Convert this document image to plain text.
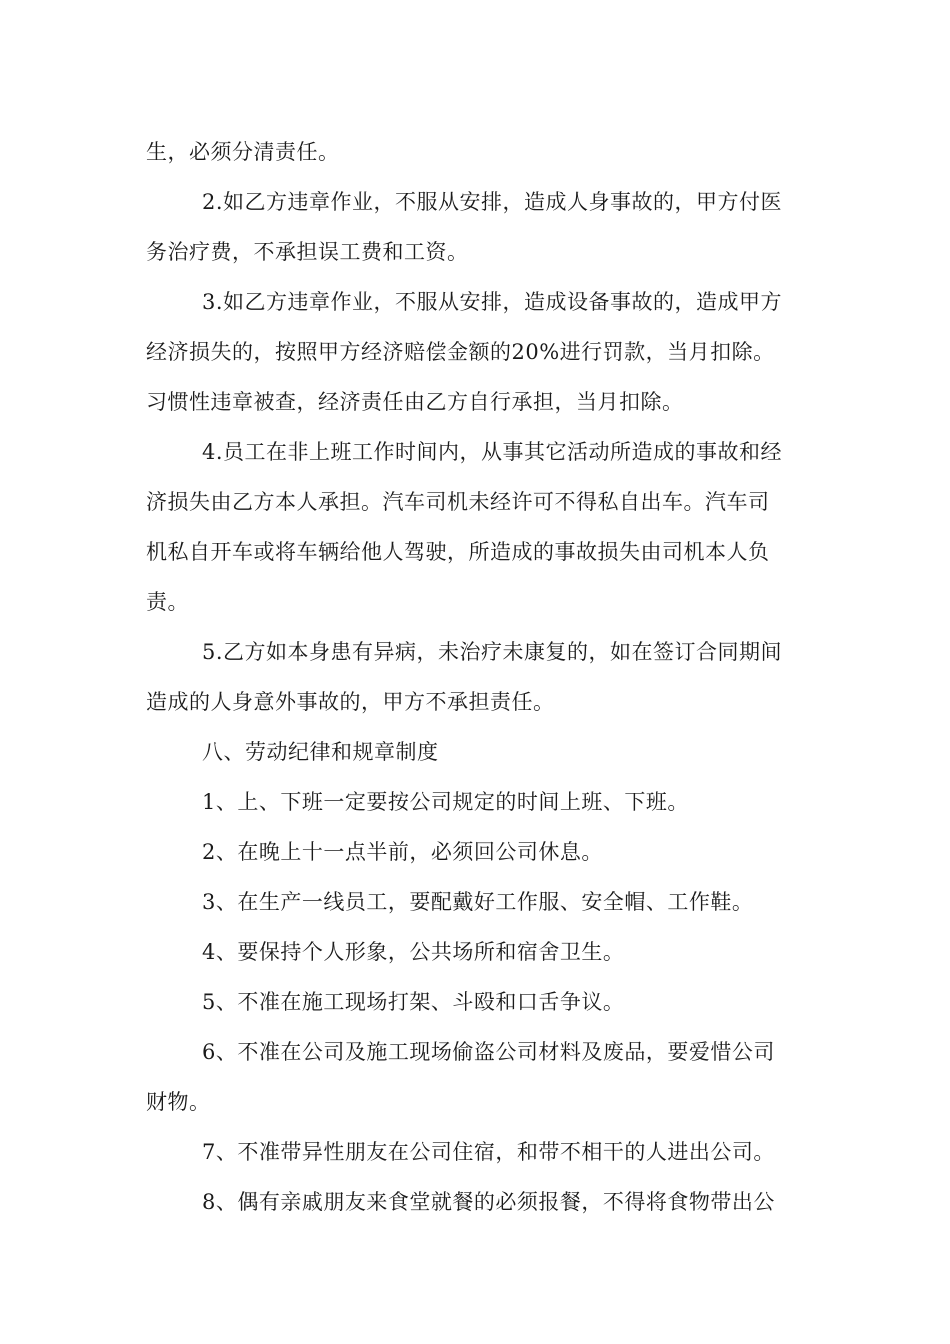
生，必须分清责任。
2.如乙方违章作业，不服从安排，造成人身事故的，甲方付医
务治疗费，不承担误工费和工资。
3.如乙方违章作业，不服从安排，造成设备事故的，造成甲方
经济损失的，按照甲方经济赔偿金额的20%进行罚款，当月扣除。
习惯性违章被查，经济责任由乙方自行承担，当月扣除。
4.员工在非上班工作时间内，从事其它活动所造成的事故和经
济损失由乙方本人承担。汽车司机未经许可不得私自出车。汽车司
机私自开车或将车辆给他人驾驶，所造成的事故损失由司机本人负
责。
5.乙方如本身患有异病，未治疗未康复的，如在签订合同期间
造成的人身意外事故的，甲方不承担责任。
八、劳动纪律和规章制度
1、上、下班一定要按公司规定的时间上班、下班。
2、在晚上十一点半前，必须回公司休息。
3、在生产一线员工，要配戴好工作服、安全帽、工作鞋。
4、要保持个人形象，公共场所和宿舍卫生。
5、不准在施工现场打架、斗殴和口舌争议。
6、不准在公司及施工现场偷盗公司材料及废品，要爱惜公司
财物。
7、不准带异性朋友在公司住宿，和带不相干的人进出公司。
8、偶有亲戚朋友来食堂就餐的必须报餐，不得将食物带出公
